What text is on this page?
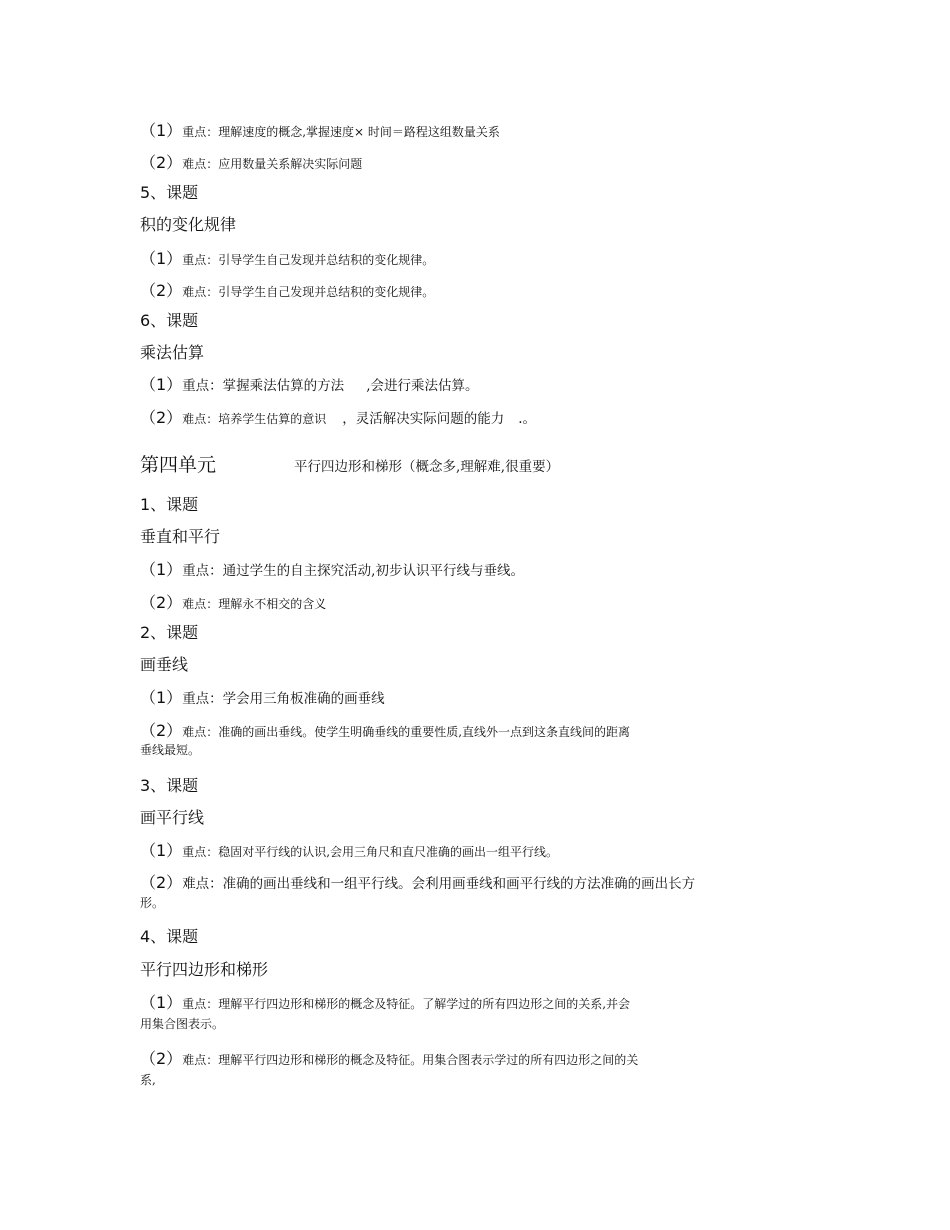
（1）重点：理解速度的概念,掌握速度× 时间＝路程这组数量关系
（2）难点：应用数量关系解决实际问题
5、课题
积的变化规律
（1）重点：引导学生自己发现并总结积的变化规律。
（2）难点：引导学生自己发现并总结积的变化规律。
6、课题
乘法估算
（1）重点：掌握乘法估算的方法 ,会进行乘法估算。
（2）难点：培养学生估算的意识 ，灵活解决实际问题的能力 .。
第四单元	平行四边形和梯形（概念多,理解难,很重要）
1、课题
垂直和平行
（1）重点：通过学生的自主探究活动,初步认识平行线与垂线。
（2）难点：理解永不相交的含义
2、课题
画垂线
（1）重点：学会用三角板准确的画垂线
（2）难点：准确的画出垂线。使学生明确垂线的重要性质,直线外一点到这条直线间的距离
垂线最短。
3、课题
画平行线
（1）重点：稳固对平行线的认识,会用三角尺和直尺准确的画出一组平行线。
（2）难点：准确的画出垂线和一组平行线。会利用画垂线和画平行线的方法准确的画出长方
形。
4、课题
平行四边形和梯形
（1）重点：理解平行四边形和梯形的概念及特征。了解学过的所有四边形之间的关系,并会
用集合图表示。
（2）难点：理解平行四边形和梯形的概念及特征。用集合图表示学过的所有四边形之间的关
系,
